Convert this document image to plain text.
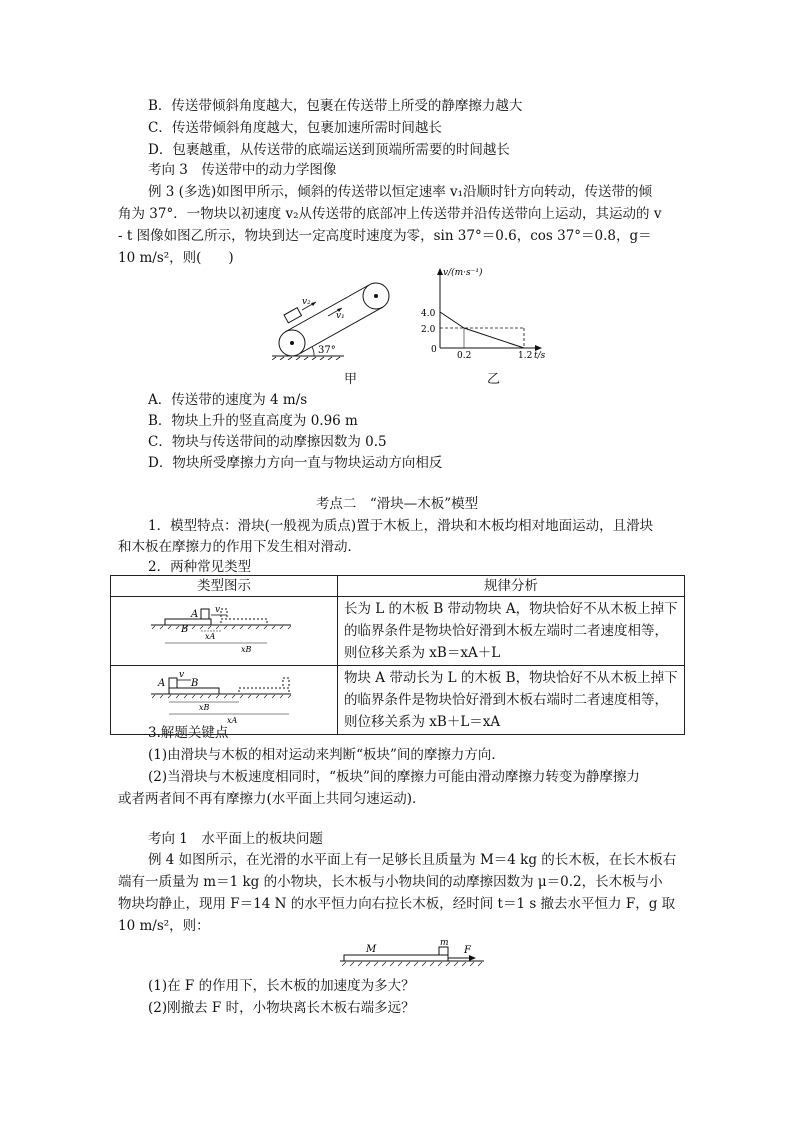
B．传送带倾斜角度越大，包裹在传送带上所受的静摩擦力越大
C．传送带倾斜角度越大，包裹加速所需时间越长
D．包裹越重，从传送带的底端运送到顶端所需要的时间越长
考向 3　传送带中的动力学图像
例 3 (多选)如图甲所示，倾斜的传送带以恒定速率 v₁沿顺时针方向转动，传送带的倾
角为 37°．一物块以初速度 v₂从传送带的底部冲上传送带并沿传送带向上运动，其运动的 v
- t 图像如图乙所示，物块到达一定高度时速度为零，sin 37°＝0.6，cos 37°＝0.8，g＝
10 m/s²，则(　　)
A．传送带的速度为 4 m/s
B．物块上升的竖直高度为 0.96 m
C．物块与传送带间的动摩擦因数为 0.5
D．物块所受摩擦力方向一直与物块运动方向相反
考点二　“滑块—木板”模型
1．模型特点：滑块(一般视为质点)置于木板上，滑块和木板均相对地面运动，且滑块
和木板在摩擦力的作用下发生相对滑动．
2．两种常见类型
3.解题关键点
(1)由滑块与木板的相对运动来判断“板块”间的摩擦力方向．
(2)当滑块与木板速度相同时，“板块”间的摩擦力可能由滑动摩擦力转变为静摩擦力
或者两者间不再有摩擦力(水平面上共同匀速运动)．
考向 1　水平面上的板块问题
例 4 如图所示，在光滑的水平面上有一足够长且质量为 M＝4 kg 的长木板，在长木板右
端有一质量为 m＝1 kg 的小物块，长木板与小物块间的动摩擦因数为 μ＝0.2，长木板与小
物块均静止，现用 F＝14 N 的水平恒力向右拉长木板，经时间 t＝1 s 撤去水平恒力 F，g 取
10 m/s²，则：
(1)在 F 的作用下，长木板的加速度为多大？
(2)刚撤去 F 时，小物块离长木板右端多远？
v₂
v₁
37°
甲
v/(m·s⁻¹)
t/s
0
4.0
2.0
0.2	1.2
乙
类型图示	规律分析

A
B
v
xA
xB	长为 L 的木板 B 带动物块 A，物块恰好不从木板上掉下的临界条件是物块恰好滑到木板左端时二者速度相等，则位移关系为 xB＝xA＋L

A B
v
xB
xA	物块 A 带动长为 L 的木板 B，物块恰好不从木板上掉下的临界条件是物块恰好滑到木板右端时二者速度相等，则位移关系为 xB＋L＝xA
M
m
F
